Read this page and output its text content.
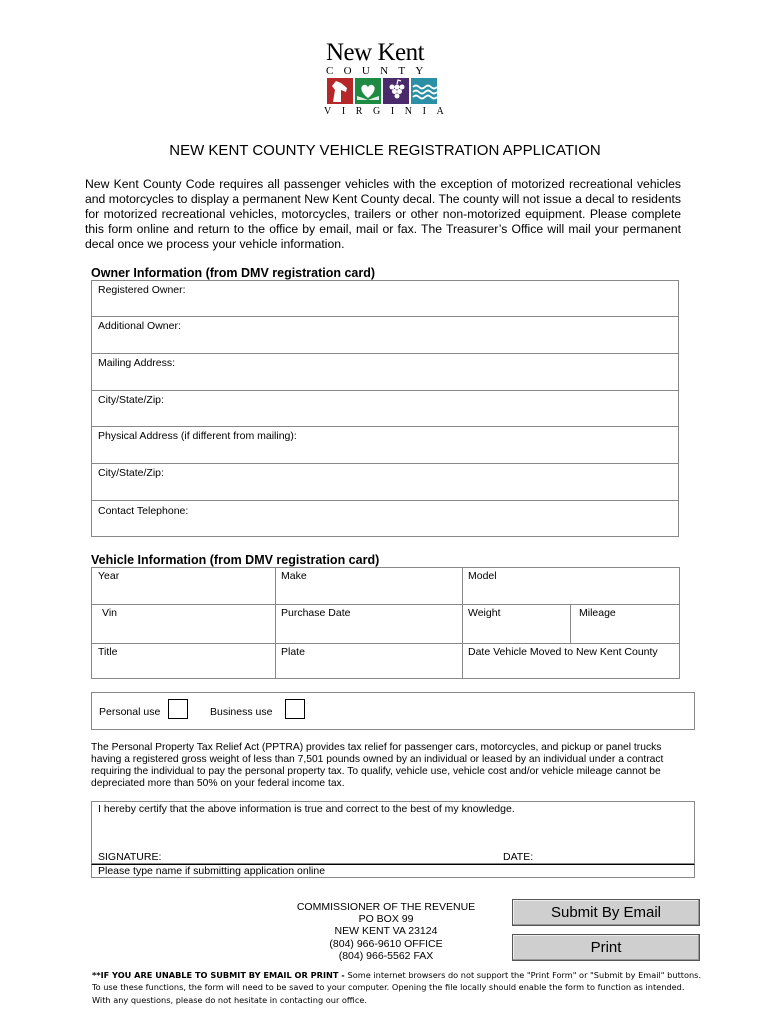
New Kent
COUNTY
VIRGINIA
NEW KENT COUNTY VEHICLE REGISTRATION APPLICATION
New Kent County Code requires all passenger vehicles with the exception of motorized recreational vehicles and motorcycles to display a permanent New Kent County decal. The county will not issue a decal to residents for motorized recreational vehicles, motorcycles, trailers or other non-motorized equipment. Please complete this form online and return to the office by email, mail or fax. The Treasurer’s Office will mail your permanent decal once we process your vehicle information.
Owner Information (from DMV registration card)
Registered Owner:
Additional Owner:
Mailing Address:
City/State/Zip:
Physical Address (if different from mailing):
City/State/Zip:
Contact Telephone:
Vehicle Information (from DMV registration card)
Year	Make	Model
Vin	Purchase Date	Weight	Mileage
Title	Plate	Date Vehicle Moved to New Kent County
Personal use	Business use
The Personal Property Tax Relief Act (PPTRA) provides tax relief for passenger cars, motorcycles, and pickup or panel trucks having a registered gross weight of less than 7,501 pounds owned by an individual or leased by an individual under a contract requiring the individual to pay the personal property tax. To qualify, vehicle use, vehicle cost and/or vehicle mileage cannot be depreciated more than 50% on your federal income tax.
I hereby certify that the above information is true and correct to the best of my knowledge.
SIGNATURE:	DATE:
Please type name if submitting application online
COMMISSIONER OF THE REVENUE
PO BOX 99
NEW KENT VA 23124
(804) 966-9610 OFFICE
(804) 966-5562 FAX
Submit By Email
Print
**IF YOU ARE UNABLE TO SUBMIT BY EMAIL OR PRINT - Some internet browsers do not support the "Print Form" or "Submit by Email" buttons.
To use these functions, the form will need to be saved to your computer. Opening the file locally should enable the form to function as intended.
With any questions, please do not hesitate in contacting our office.
